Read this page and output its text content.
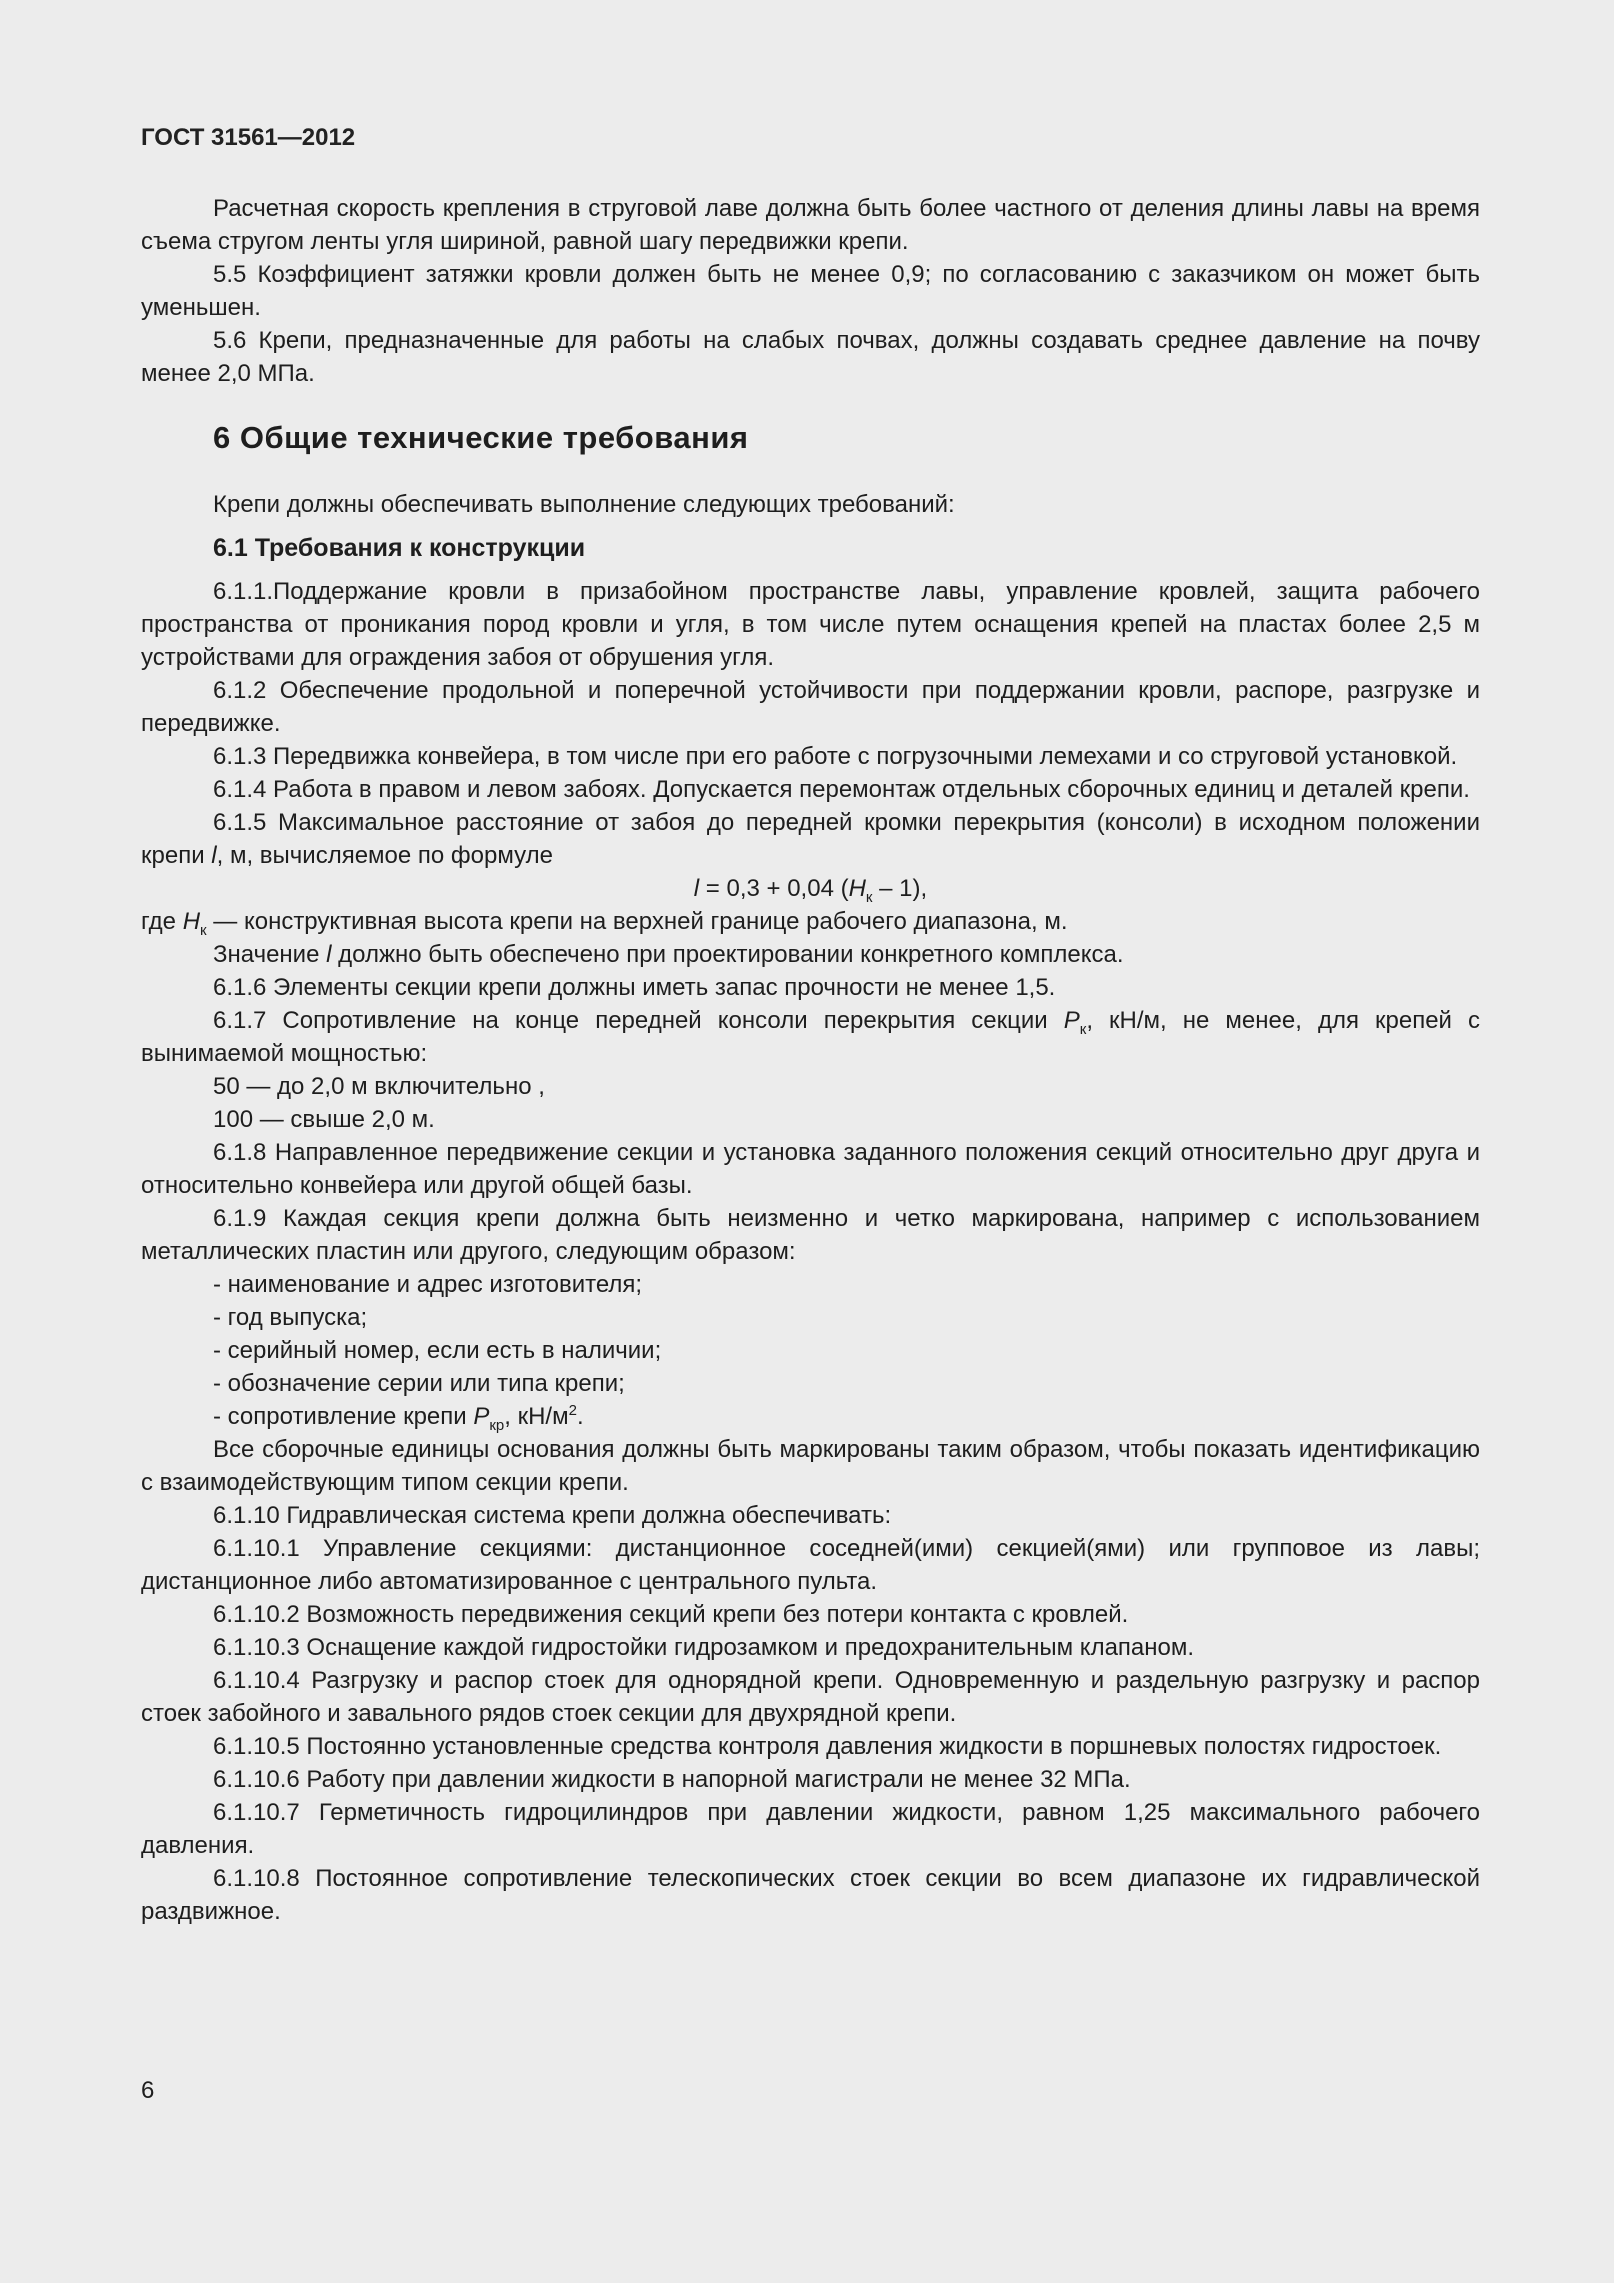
ГОСТ 31561—2012

Расчетная скорость крепления в струговой лаве должна быть более частного от деления длины лавы на время съема стругом ленты угля шириной, равной шагу передвижки крепи.

5.5 Коэффициент затяжки кровли должен быть не менее 0,9; по согласованию с заказчиком он может быть уменьшен.

5.6 Крепи, предназначенные для работы на слабых почвах, должны создавать среднее давление на почву менее 2,0 МПа.

6 Общие технические требования

Крепи должны обеспечивать выполнение следующих требований:

6.1 Требования к конструкции

6.1.1.Поддержание кровли в призабойном пространстве лавы, управление кровлей, защита рабочего пространства от проникания пород кровли и угля, в том числе путем оснащения крепей на пластах более 2,5 м устройствами для ограждения забоя от обрушения угля.

6.1.2 Обеспечение продольной и поперечной устойчивости при поддержании кровли, распоре, разгрузке и передвижке.

6.1.3 Передвижка конвейера, в том числе при его работе с погрузочными лемехами и со струговой установкой.

6.1.4 Работа в правом и левом забоях. Допускается перемонтаж отдельных сборочных единиц и деталей крепи.

6.1.5 Максимальное расстояние от забоя до передней кромки перекрытия (консоли) в исходном положении крепи l, м, вычисляемое по формуле

l = 0,3 + 0,04 $(H_к - 1)$,

где $H_к$ — конструктивная высота крепи на верхней границе рабочего диапазона, м.

Значение l должно быть обеспечено при проектировании конкретного комплекса.

6.1.6 Элементы секции крепи должны иметь запас прочности не менее 1,5.

6.1.7 Сопротивление на конце передней консоли перекрытия секции $P_к$, кН/м, не менее, для крепей с вынимаемой мощностью:

50 — до 2,0 м включительно ,
100 — свыше 2,0 м.

6.1.8 Направленное передвижение секции и установка заданного положения секций относительно друг друга и относительно конвейера или другой общей базы.

6.1.9 Каждая секция крепи должна быть неизменно и четко маркирована, например с использованием металлических пластин или другого, следующим образом:

- наименование и адрес изготовителя;
- год выпуска;
- серийный номер, если есть в наличии;
- обозначение серии или типа крепи;
- сопротивление крепи $P_{кр}$, $кН/м^2$.

Все сборочные единицы основания должны быть маркированы таким образом, чтобы показать идентификацию с взаимодействующим типом секции крепи.

6.1.10 Гидравлическая система крепи должна обеспечивать:

6.1.10.1 Управление секциями: дистанционное соседней(ими) секцией(ями) или групповое из лавы; дистанционное либо автоматизированное с центрального пульта.

6.1.10.2 Возможность передвижения секций крепи без потери контакта с кровлей.

6.1.10.3 Оснащение каждой гидростойки гидрозамком и предохранительным клапаном.

6.1.10.4 Разгрузку и распор стоек для однорядной крепи. Одновременную и раздельную разгрузку и распор стоек забойного и завального рядов стоек секции для двухрядной крепи.

6.1.10.5 Постоянно установленные средства контроля давления жидкости в поршневых полостях гидростоек.

6.1.10.6 Работу при давлении жидкости в напорной магистрали не менее 32 МПа.

6.1.10.7 Герметичность гидроцилиндров при давлении жидкости, равном 1,25 максимального рабочего давления.

6.1.10.8 Постоянное сопротивление телескопических стоек секции во всем диапазоне их гидравлической раздвижное.

6
